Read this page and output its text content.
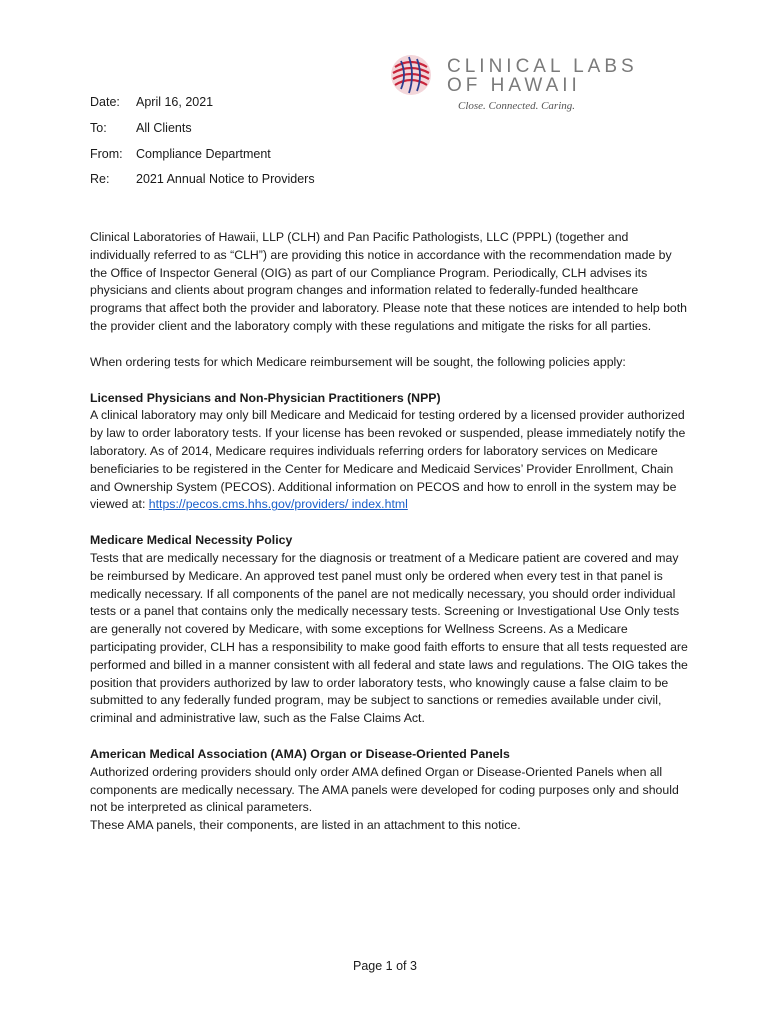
CLINICAL LABS
OF HAWAII
Close. Connected. Caring.
Date: April 16, 2021
To: All Clients
From: Compliance Department
Re: 2021 Annual Notice to Providers

Clinical Laboratories of Hawaii, LLP (CLH) and Pan Pacific Pathologists, LLC (PPPL) (together and individually referred to as “CLH”) are providing this notice in accordance with the recommendation made by the Office of Inspector General (OIG) as part of our Compliance Program. Periodically, CLH advises its physicians and clients about program changes and information related to federally-funded healthcare programs that affect both the provider and laboratory. Please note that these notices are intended to help both the provider client and the laboratory comply with these regulations and mitigate the risks for all parties.

When ordering tests for which Medicare reimbursement will be sought, the following policies apply:

Licensed Physicians and Non-Physician Practitioners (NPP)

A clinical laboratory may only bill Medicare and Medicaid for testing ordered by a licensed provider authorized by law to order laboratory tests. If your license has been revoked or suspended, please immediately notify the laboratory. As of 2014, Medicare requires individuals referring orders for laboratory services on Medicare beneficiaries to be registered in the Center for Medicare and Medicaid Services’ Provider Enrollment, Chain and Ownership System (PECOS). Additional information on PECOS and how to enroll in the system may be viewed at: https://pecos.cms.hhs.gov/providers/ index.html

Medicare Medical Necessity Policy

Tests that are medically necessary for the diagnosis or treatment of a Medicare patient are covered and may be reimbursed by Medicare. An approved test panel must only be ordered when every test in that panel is medically necessary. If all components of the panel are not medically necessary, you should order individual tests or a panel that contains only the medically necessary tests. Screening or Investigational Use Only tests are generally not covered by Medicare, with some exceptions for Wellness Screens. As a Medicare participating provider, CLH has a responsibility to make good faith efforts to ensure that all tests requested are performed and billed in a manner consistent with all federal and state laws and regulations. The OIG takes the position that providers authorized by law to order laboratory tests, who knowingly cause a false claim to be submitted to any federally funded program, may be subject to sanctions or remedies available under civil, criminal and administrative law, such as the False Claims Act.

American Medical Association (AMA) Organ or Disease-Oriented Panels

Authorized ordering providers should only order AMA defined Organ or Disease-Oriented Panels when all components are medically necessary. The AMA panels were developed for coding purposes only and should not be interpreted as clinical parameters.

These AMA panels, their components, are listed in an attachment to this notice.

Page 1 of 3
